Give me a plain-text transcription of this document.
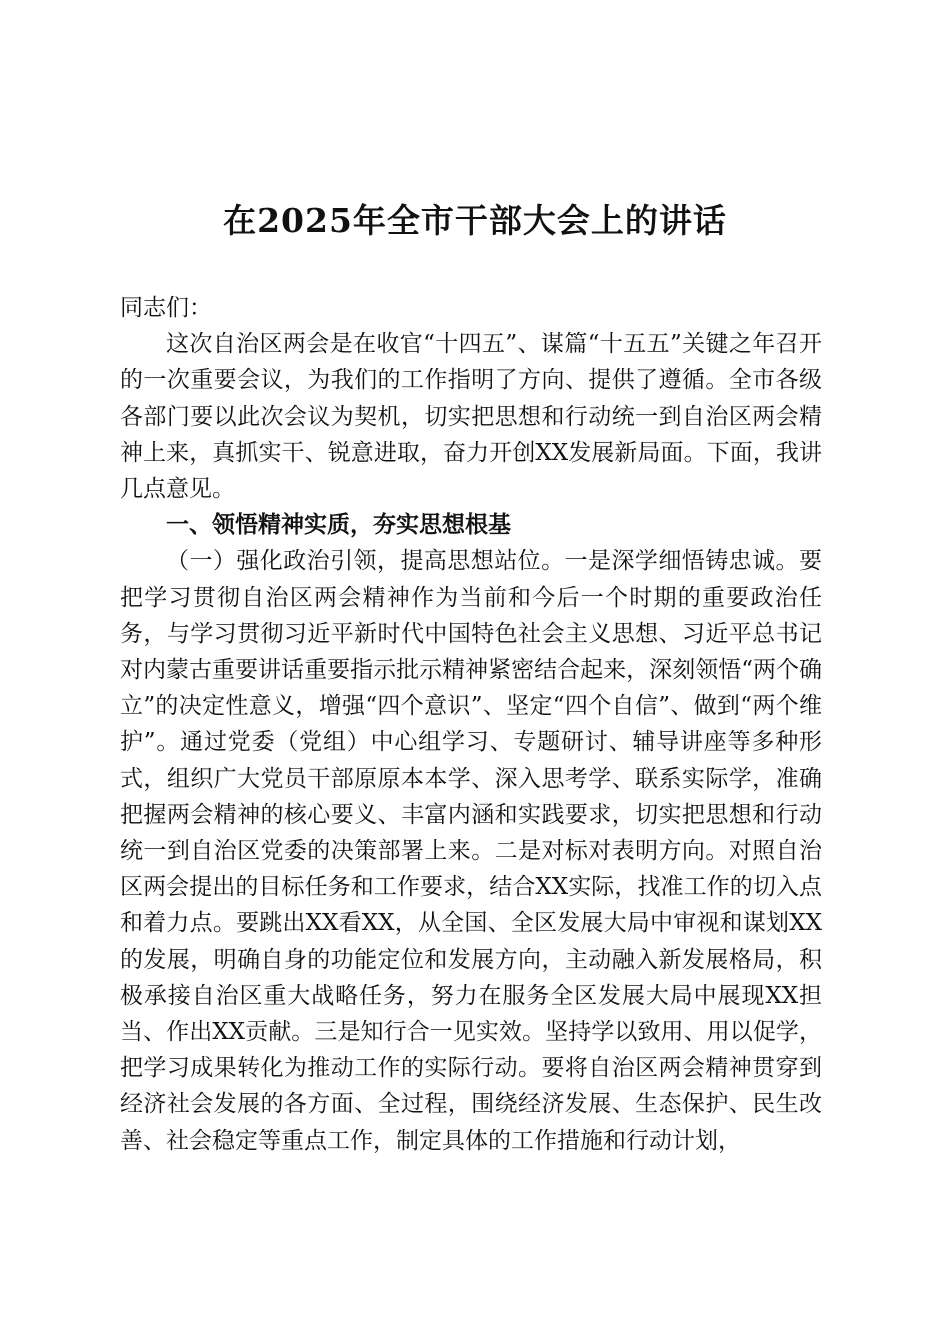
在2025年全市干部大会上的讲话

同志们：

这次自治区两会是在收官“十四五”、谋篇“十五五”关键之年召开的一次重要会议，为我们的工作指明了方向、提供了遵循。全市各级各部门要以此次会议为契机，切实把思想和行动统一到自治区两会精神上来，真抓实干、锐意进取，奋力开创XX发展新局面。下面，我讲几点意见。

一、领悟精神实质，夯实思想根基

（一）强化政治引领，提高思想站位。一是深学细悟铸忠诚。要把学习贯彻自治区两会精神作为当前和今后一个时期的重要政治任务，与学习贯彻习近平新时代中国特色社会主义思想、习近平总书记对内蒙古重要讲话重要指示批示精神紧密结合起来，深刻领悟“两个确立”的决定性意义，增强“四个意识”、坚定“四个自信”、做到“两个维护”。通过党委（党组）中心组学习、专题研讨、辅导讲座等多种形式，组织广大党员干部原原本本学、深入思考学、联系实际学，准确把握两会精神的核心要义、丰富内涵和实践要求，切实把思想和行动统一到自治区党委的决策部署上来。二是对标对表明方向。对照自治区两会提出的目标任务和工作要求，结合XX实际，找准工作的切入点和着力点。要跳出XX看XX，从全国、全区发展大局中审视和谋划XX的发展，明确自身的功能定位和发展方向，主动融入新发展格局，积极承接自治区重大战略任务，努力在服务全区发展大局中展现XX担当、作出XX贡献。三是知行合一见实效。坚持学以致用、用以促学，把学习成果转化为推动工作的实际行动。要将自治区两会精神贯穿到经济社会发展的各方面、全过程，围绕经济发展、生态保护、民生改善、社会稳定等重点工作，制定具体的工作措施和行动计划，
